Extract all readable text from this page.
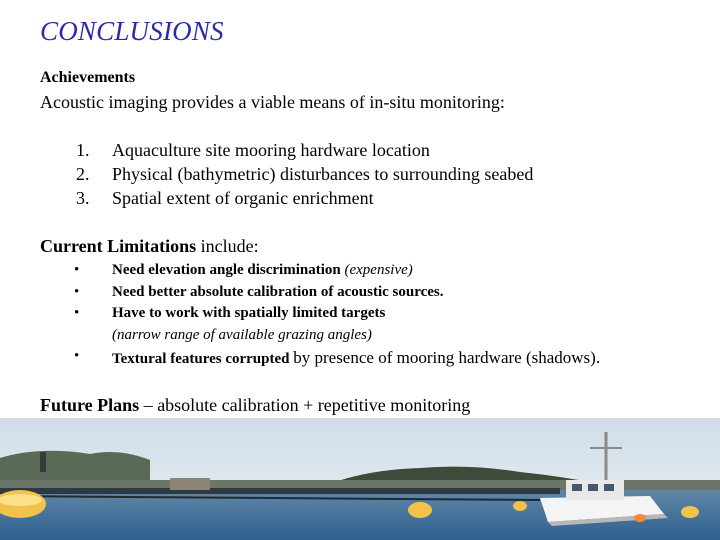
CONCLUSIONS
Achievements
Acoustic imaging provides a viable means of in-situ monitoring:
1. Aquaculture site mooring hardware location
2. Physical (bathymetric) disturbances to surrounding seabed
3. Spatial extent of organic enrichment
Current Limitations include:
• Need elevation angle discrimination (expensive)
• Need better absolute calibration of acoustic sources.
• Have to work with spatially limited targets
(narrow range of available grazing angles)
• Textural features corrupted by presence of mooring hardware (shadows).
Future Plans – absolute calibration + repetitive monitoring
